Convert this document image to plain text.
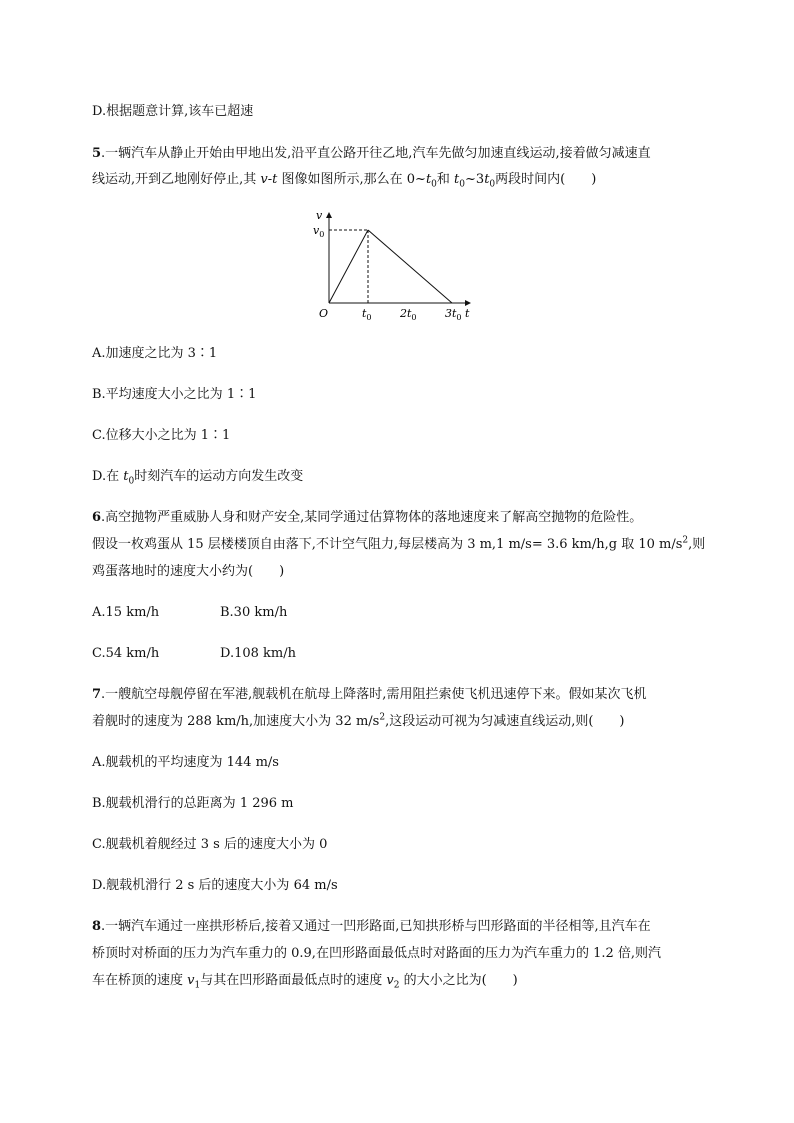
D.根据题意计算,该车已超速
5.一辆汽车从静止开始由甲地出发,沿平直公路开往乙地,汽车先做匀加速直线运动,接着做匀减速直
线运动,开到乙地刚好停止,其 v-t 图像如图所示,那么在 $0\sim t_0$和 $t_0\sim 3t_0$两段时间内(　　)
v
$v_0$
O	$t_0$	$2t_0$	$3t_0$ t
A.加速度之比为 3∶1
B.平均速度大小之比为 1∶1
C.位移大小之比为 1∶1
D.在 $t_0$时刻汽车的运动方向发生改变
6.高空抛物严重威胁人身和财产安全,某同学通过估算物体的落地速度来了解高空抛物的危险性。
假设一枚鸡蛋从 15 层楼楼顶自由落下,不计空气阻力,每层楼高为 3 m,1 m/s= 3.6 km/h,g 取 10 $m/s^2$,则
鸡蛋落地时的速度大小约为(　　)
A.15 km/h	B.30 km/h
C.54 km/h	D.108 km/h
7.一艘航空母舰停留在军港,舰载机在航母上降落时,需用阻拦索使飞机迅速停下来。假如某次飞机
着舰时的速度为 288 km/h,加速度大小为 32 $m/s^2$,这段运动可视为匀减速直线运动,则(　　)
A.舰载机的平均速度为 144 m/s
B.舰载机滑行的总距离为 1 296 m
C.舰载机着舰经过 3 s 后的速度大小为 0
D.舰载机滑行 2 s 后的速度大小为 64 m/s
8.一辆汽车通过一座拱形桥后,接着又通过一凹形路面,已知拱形桥与凹形路面的半径相等,且汽车在
桥顶时对桥面的压力为汽车重力的 0.9,在凹形路面最低点时对路面的压力为汽车重力的 1.2 倍,则汽
车在桥顶的速度 $v_1$与其在凹形路面最低点时的速度 $v_2$ 的大小之比为(　　)
